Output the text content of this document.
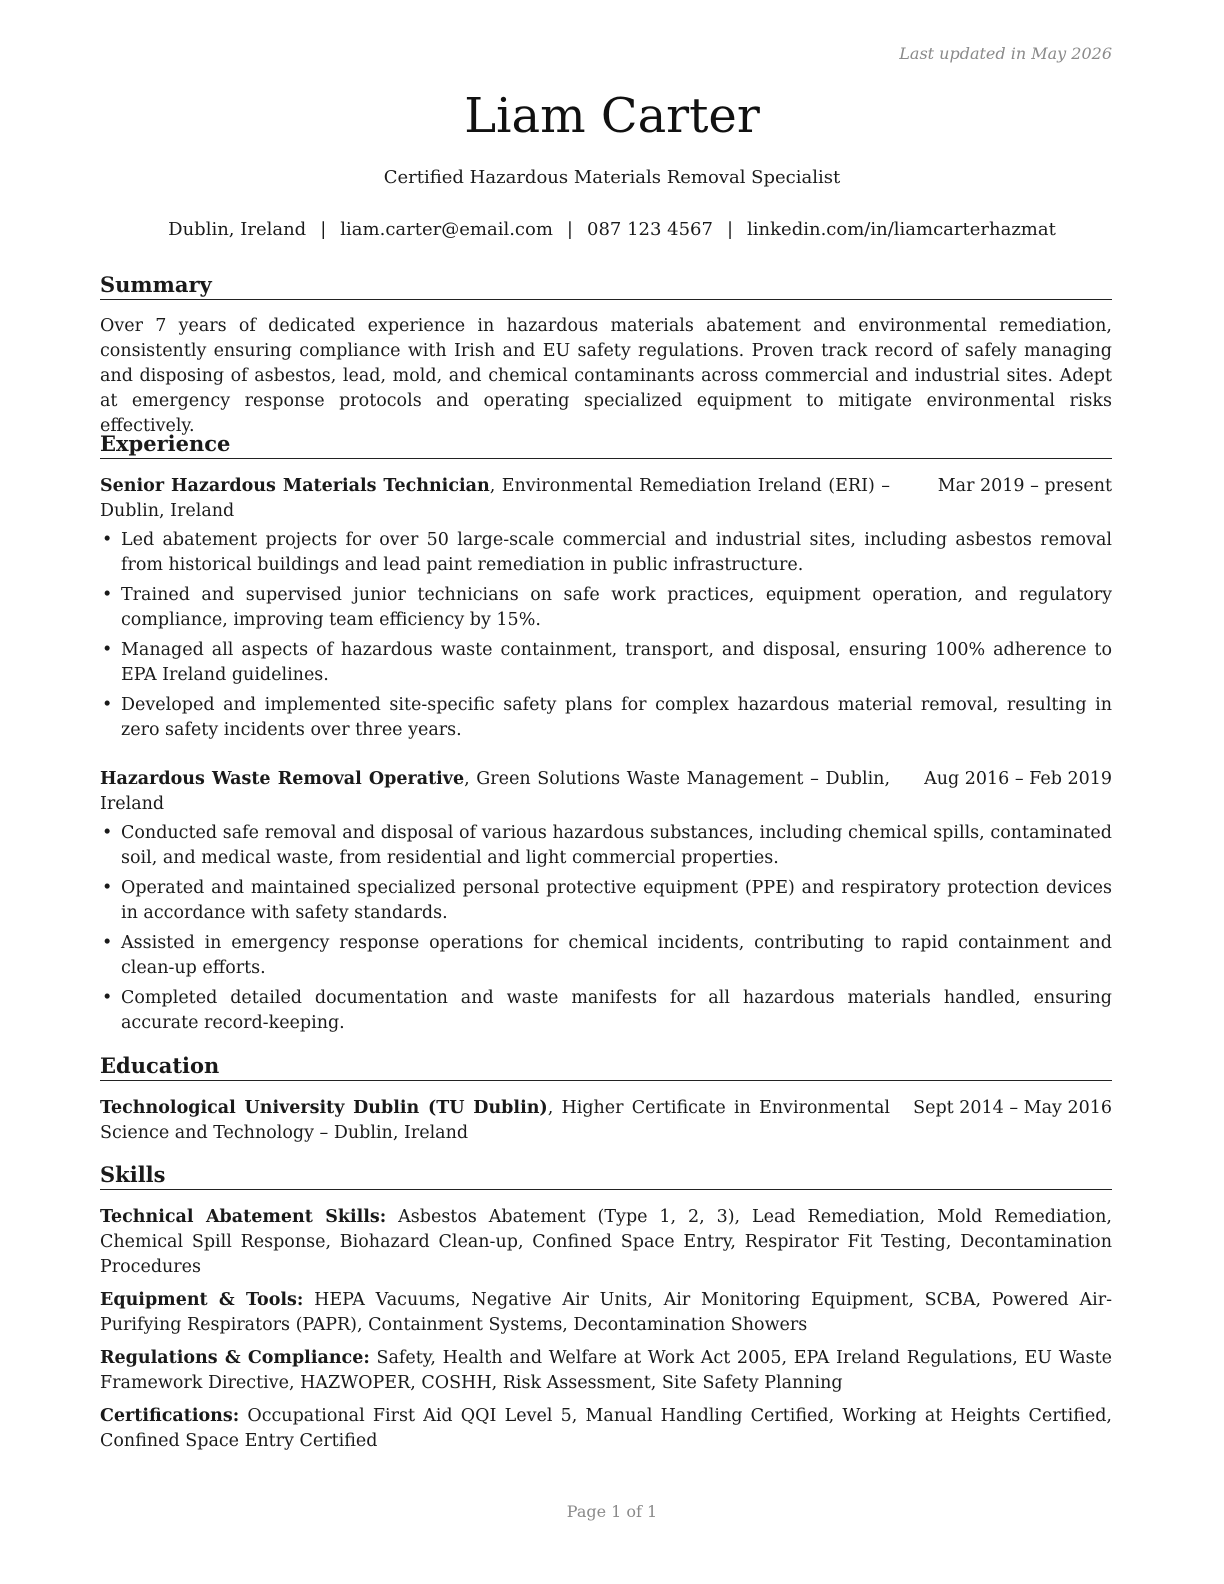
Last updated in May 2026
Liam Carter
Certified Hazardous Materials Removal Specialist
Dublin, Ireland | liam.carter@email.com | 087 123 4567 | linkedin.com/in/liamcarterhazmat
Summary
Over 7 years of dedicated experience in hazardous materials abatement and environmental remediation, consistently ensuring compliance with Irish and EU safety regulations. Proven track record of safely managing and disposing of asbestos, lead, mold, and chemical contaminants across commercial and industrial sites. Adept at emergency response protocols and operating specialized equipment to mitigate environmental risks effectively.
Experience
Senior Hazardous Materials Technician, Environmental Remediation Ireland (ERI) – Dublin, Ireland
Mar 2019 – present
• Led abatement projects for over 50 large-scale commercial and industrial sites, including asbestos removal from historical buildings and lead paint remediation in public infrastructure.
• Trained and supervised junior technicians on safe work practices, equipment operation, and regulatory compliance, improving team efficiency by 15%.
• Managed all aspects of hazardous waste containment, transport, and disposal, ensuring 100% adherence to EPA Ireland guidelines.
• Developed and implemented site-specific safety plans for complex hazardous material removal, resulting in zero safety incidents over three years.
Hazardous Waste Removal Operative, Green Solutions Waste Management – Dublin, Ireland
Aug 2016 – Feb 2019
• Conducted safe removal and disposal of various hazardous substances, including chemical spills, contaminated soil, and medical waste, from residential and light commercial properties.
• Operated and maintained specialized personal protective equipment (PPE) and respiratory protection devices in accordance with safety standards.
• Assisted in emergency response operations for chemical incidents, contributing to rapid containment and clean-up efforts.
• Completed detailed documentation and waste manifests for all hazardous materials handled, ensuring accurate record-keeping.
Education
Technological University Dublin (TU Dublin), Higher Certificate in Environmental Science and Technology – Dublin, Ireland
Sept 2014 – May 2016
Skills
Technical Abatement Skills: Asbestos Abatement (Type 1, 2, 3), Lead Remediation, Mold Remediation, Chemical Spill Response, Biohazard Clean-up, Confined Space Entry, Respirator Fit Testing, Decontamination Procedures
Equipment & Tools: HEPA Vacuums, Negative Air Units, Air Monitoring Equipment, SCBA, Powered Air-Purifying Respirators (PAPR), Containment Systems, Decontamination Showers
Regulations & Compliance: Safety, Health and Welfare at Work Act 2005, EPA Ireland Regulations, EU Waste Framework Directive, HAZWOPER, COSHH, Risk Assessment, Site Safety Planning
Certifications: Occupational First Aid QQI Level 5, Manual Handling Certified, Working at Heights Certified, Confined Space Entry Certified
Page 1 of 1
